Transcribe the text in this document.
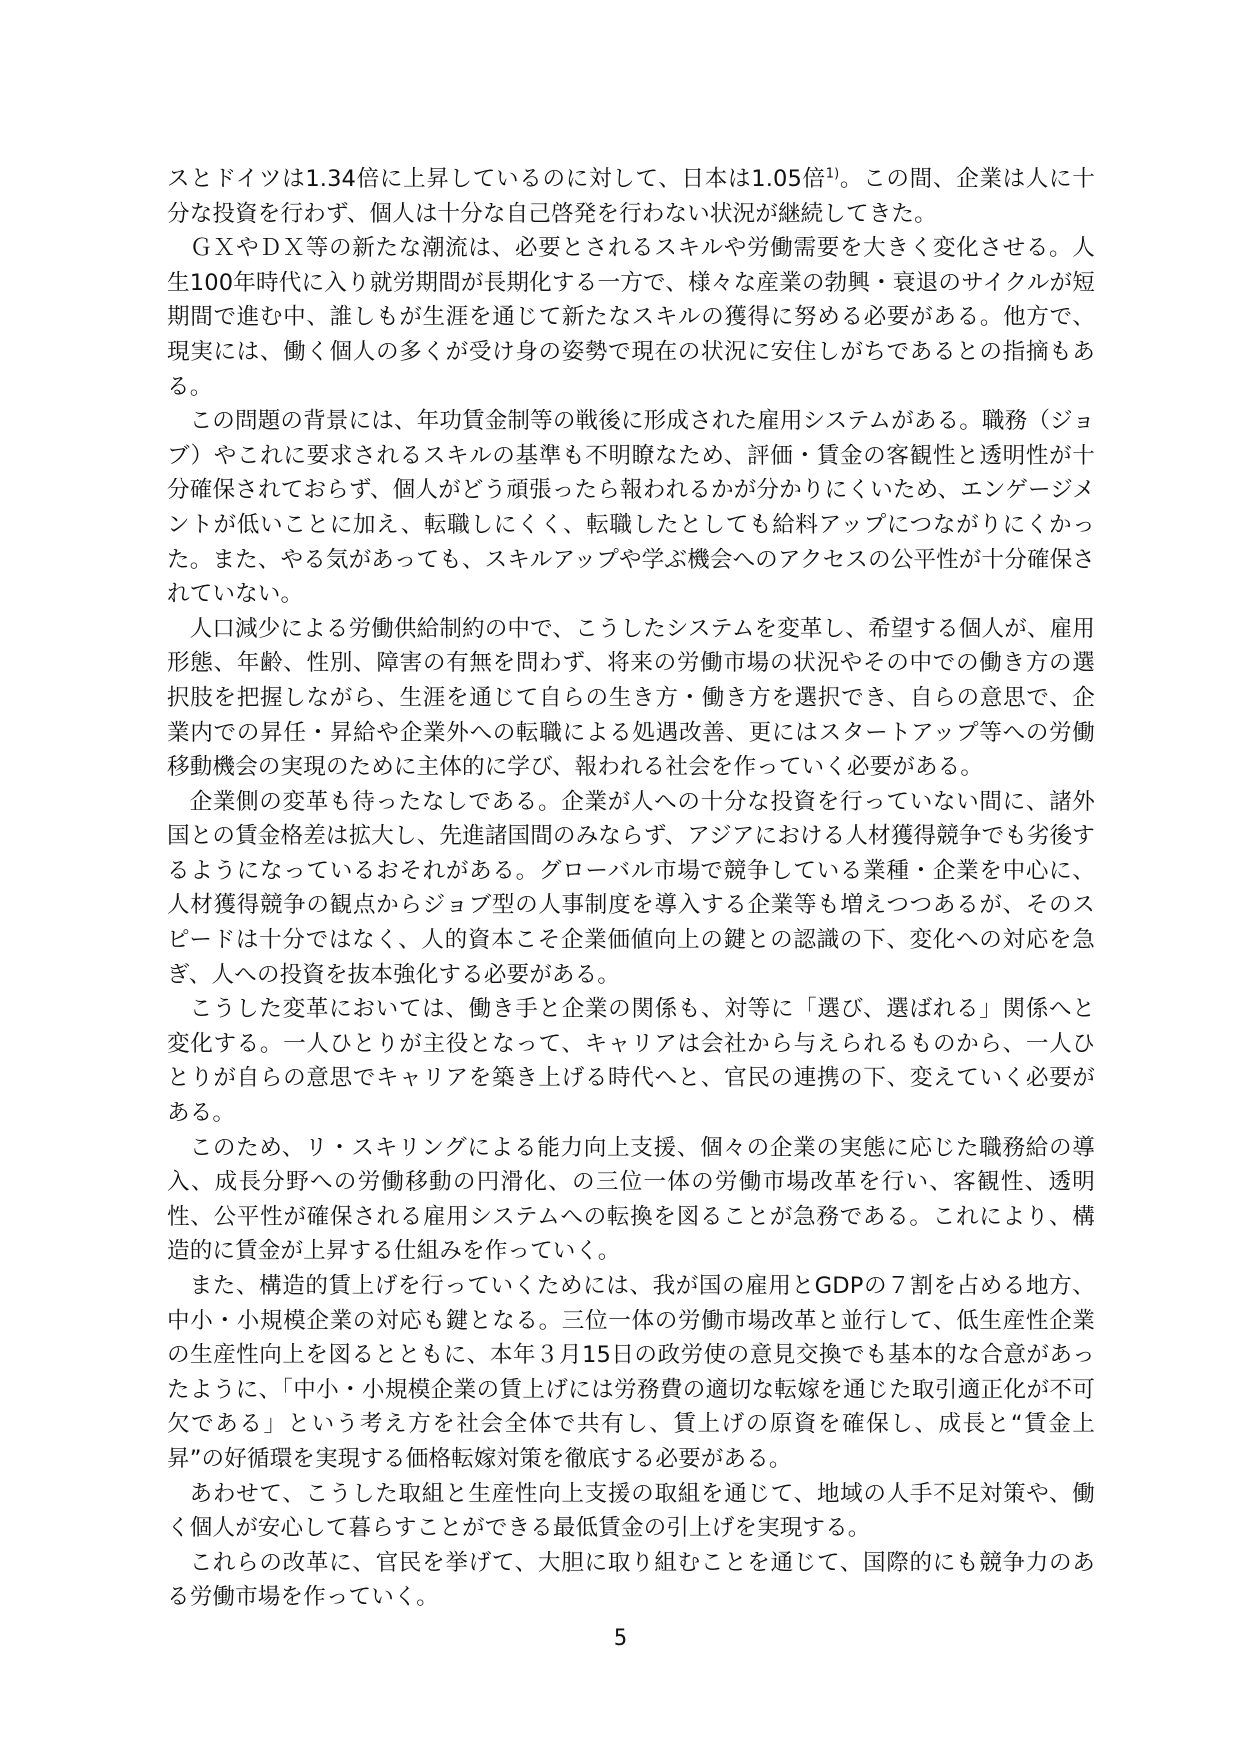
スとドイツは1.34倍に上昇しているのに対して、日本は1.05倍$^{1)}$。この間、企業は人に十分な投資を行わず、個人は十分な自己啓発を行わない状況が継続してきた。

ＧＸやＤＸ等の新たな潮流は、必要とされるスキルや労働需要を大きく変化させる。人生100年時代に入り就労期間が長期化する一方で、様々な産業の勃興・衰退のサイクルが短期間で進む中、誰しもが生涯を通じて新たなスキルの獲得に努める必要がある。他方で、現実には、働く個人の多くが受け身の姿勢で現在の状況に安住しがちであるとの指摘もある。

この問題の背景には、年功賃金制等の戦後に形成された雇用システムがある。職務（ジョブ）やこれに要求されるスキルの基準も不明瞭なため、評価・賃金の客観性と透明性が十分確保されておらず、個人がどう頑張ったら報われるかが分かりにくいため、エンゲージメントが低いことに加え、転職しにくく、転職したとしても給料アップにつながりにくかった。また、やる気があっても、スキルアップや学ぶ機会へのアクセスの公平性が十分確保されていない。

人口減少による労働供給制約の中で、こうしたシステムを変革し、希望する個人が、雇用形態、年齢、性別、障害の有無を問わず、将来の労働市場の状況やその中での働き方の選択肢を把握しながら、生涯を通じて自らの生き方・働き方を選択でき、自らの意思で、企業内での昇任・昇給や企業外への転職による処遇改善、更にはスタートアップ等への労働移動機会の実現のために主体的に学び、報われる社会を作っていく必要がある。

企業側の変革も待ったなしである。企業が人への十分な投資を行っていない間に、諸外国との賃金格差は拡大し、先進諸国間のみならず、アジアにおける人材獲得競争でも劣後するようになっているおそれがある。グローバル市場で競争している業種・企業を中心に、人材獲得競争の観点からジョブ型の人事制度を導入する企業等も増えつつあるが、そのスピードは十分ではなく、人的資本こそ企業価値向上の鍵との認識の下、変化への対応を急ぎ、人への投資を抜本強化する必要がある。

こうした変革においては、働き手と企業の関係も、対等に「選び、選ばれる」関係へと変化する。一人ひとりが主役となって、キャリアは会社から与えられるものから、一人ひとりが自らの意思でキャリアを築き上げる時代へと、官民の連携の下、変えていく必要がある。

このため、リ・スキリングによる能力向上支援、個々の企業の実態に応じた職務給の導入、成長分野への労働移動の円滑化、の三位一体の労働市場改革を行い、客観性、透明性、公平性が確保される雇用システムへの転換を図ることが急務である。これにより、構造的に賃金が上昇する仕組みを作っていく。

また、構造的賃上げを行っていくためには、我が国の雇用とGDPの７割を占める地方、中小・小規模企業の対応も鍵となる。三位一体の労働市場改革と並行して、低生産性企業の生産性向上を図るとともに、本年３月15日の政労使の意見交換でも基本的な合意があったように、「中小・小規模企業の賃上げには労務費の適切な転嫁を通じた取引適正化が不可欠である」という考え方を社会全体で共有し、賃上げの原資を確保し、成長と“賃金上昇”の好循環を実現する価格転嫁対策を徹底する必要がある。

あわせて、こうした取組と生産性向上支援の取組を通じて、地域の人手不足対策や、働く個人が安心して暮らすことができる最低賃金の引上げを実現する。

これらの改革に、官民を挙げて、大胆に取り組むことを通じて、国際的にも競争力のある労働市場を作っていく。

5
